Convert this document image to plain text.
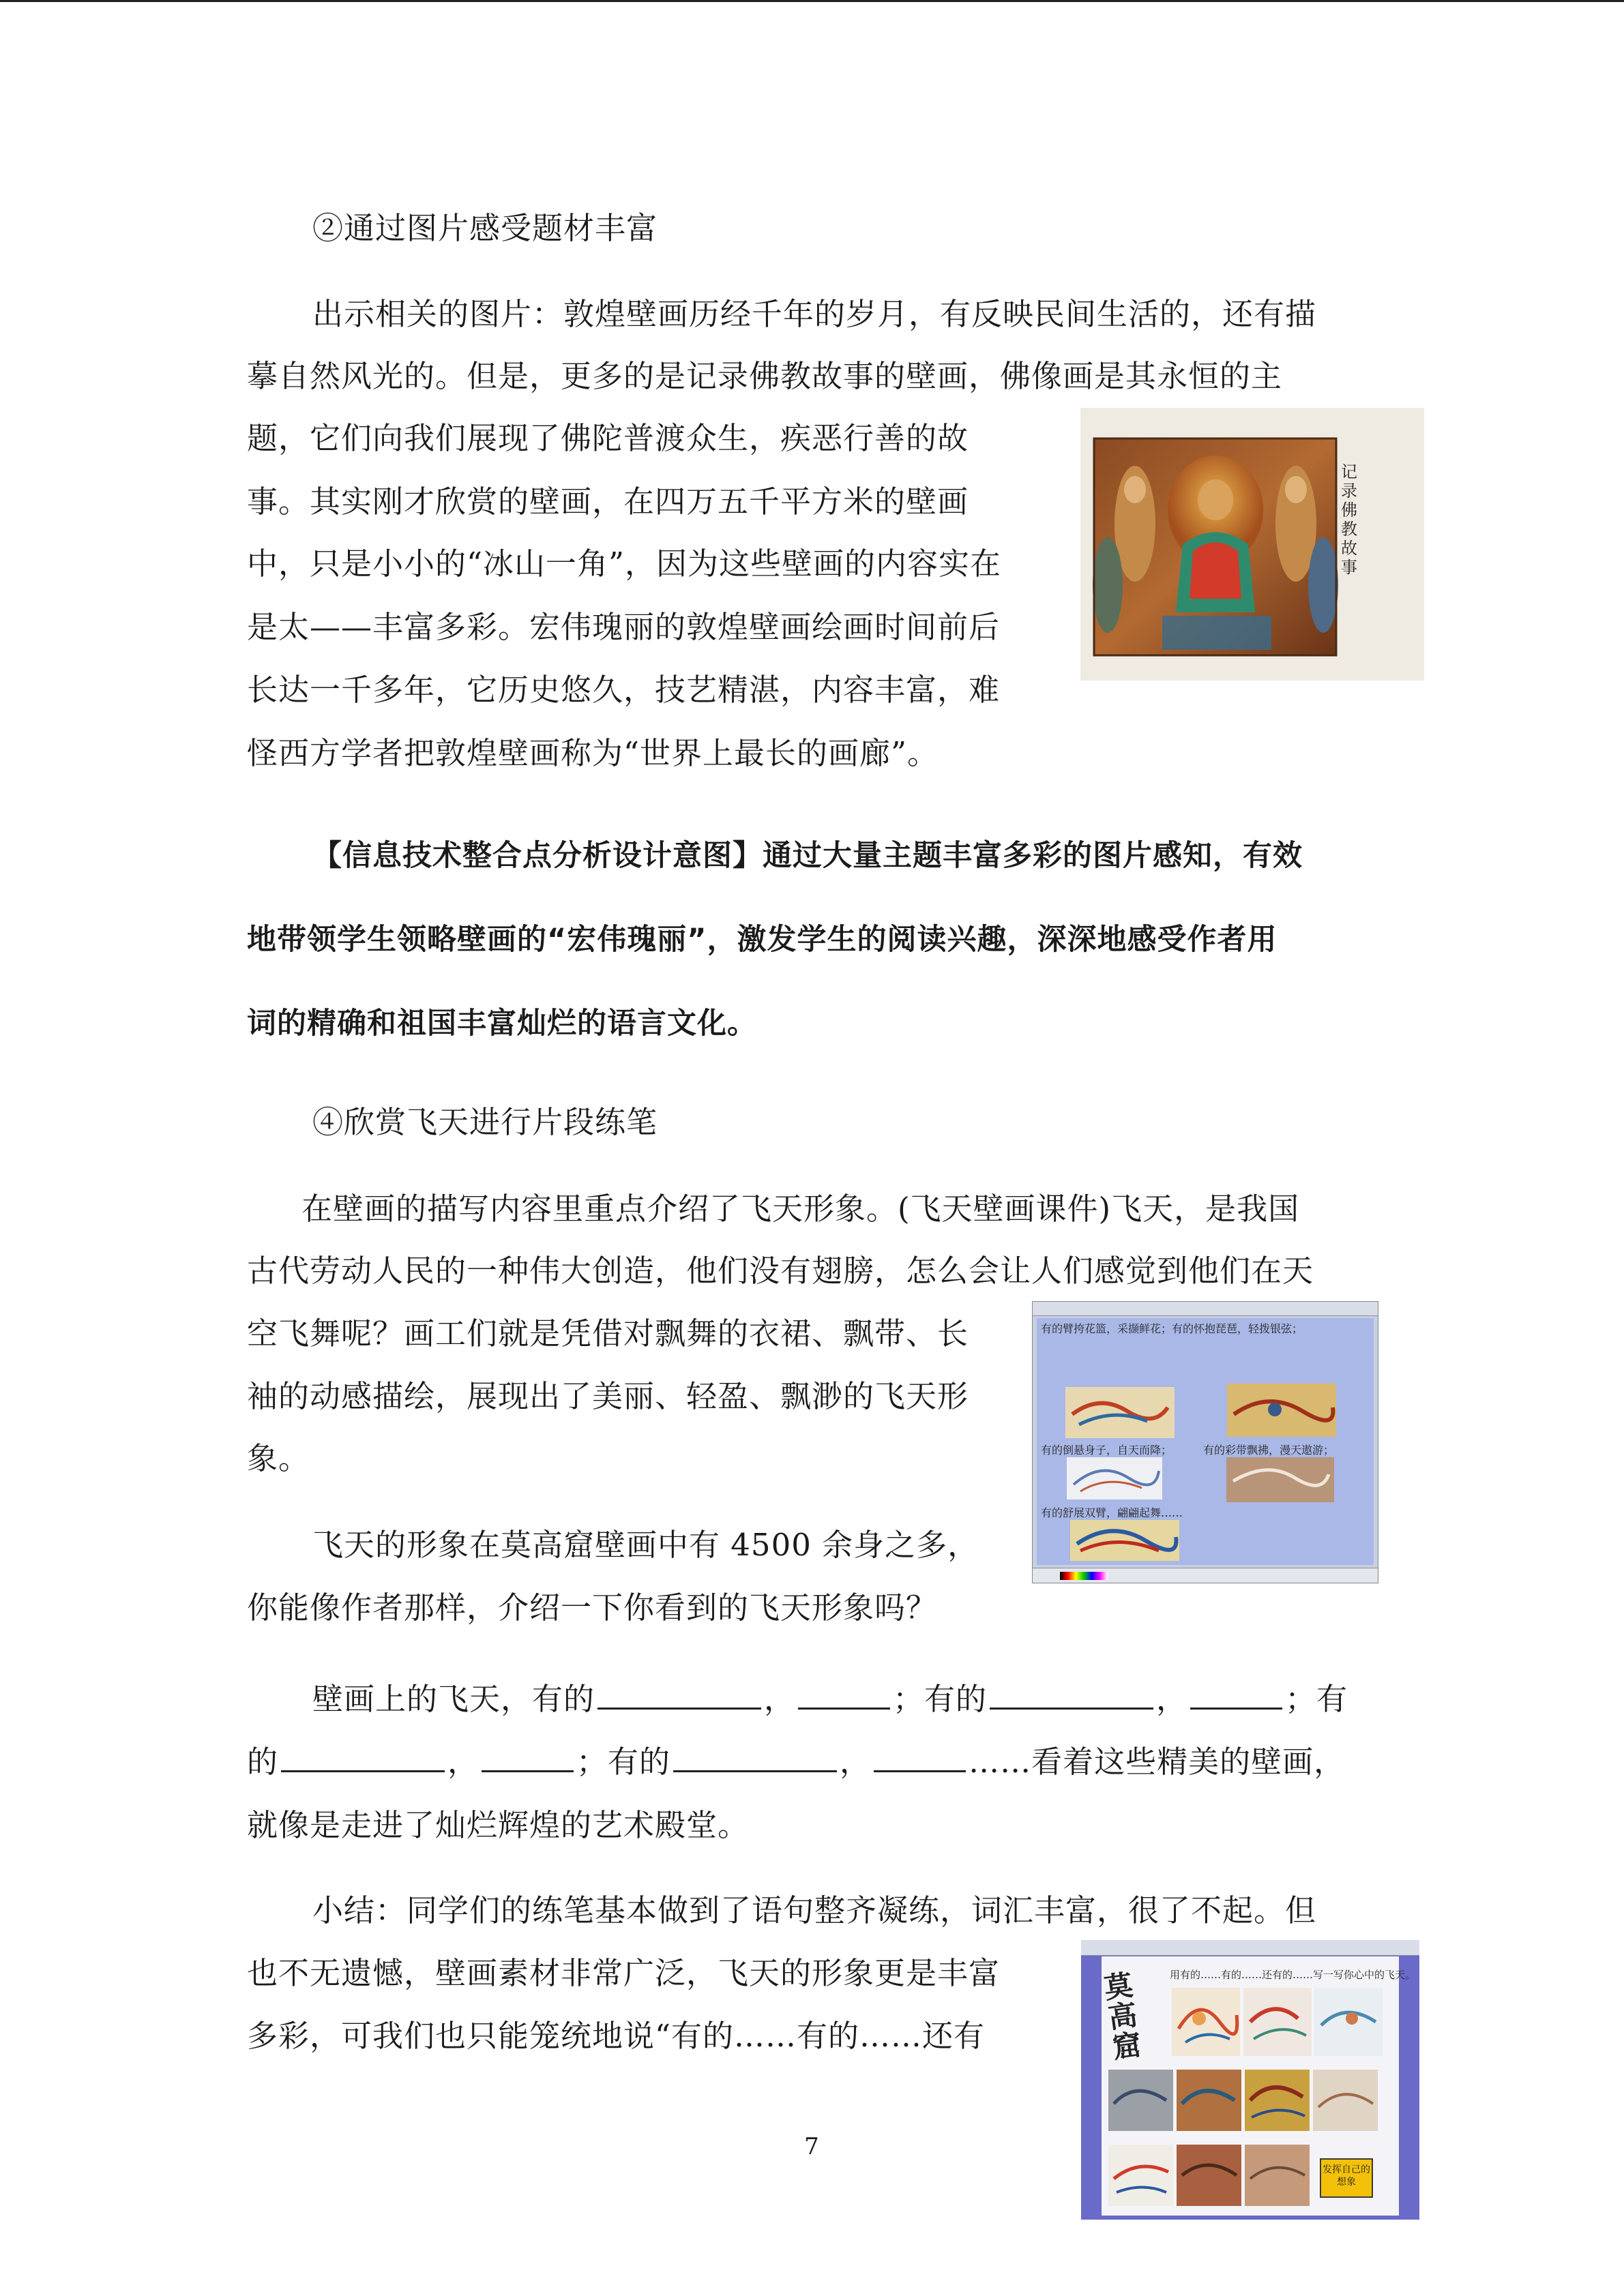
②通过图片感受题材丰富
出示相关的图片：敦煌壁画历经千年的岁月，有反映民间生活的，还有描
摹自然风光的。但是，更多的是记录佛教故事的壁画，佛像画是其永恒的主
题，它们向我们展现了佛陀普渡众生，疾恶行善的故
事。其实刚才欣赏的壁画，在四万五千平方米的壁画
中，只是小小的“冰山一角”，因为这些壁画的内容实在
是太——丰富多彩。宏伟瑰丽的敦煌壁画绘画时间前后
长达一千多年，它历史悠久，技艺精湛，内容丰富，难
怪西方学者把敦煌壁画称为“世界上最长的画廊”。
记录佛教故事
【信息技术整合点分析设计意图】通过大量主题丰富多彩的图片感知，有效
地带领学生领略壁画的“宏伟瑰丽”，激发学生的阅读兴趣，深深地感受作者用
词的精确和祖国丰富灿烂的语言文化。
④欣赏飞天进行片段练笔
在壁画的描写内容里重点介绍了飞天形象。(飞天壁画课件)飞天，是我国
古代劳动人民的一种伟大创造，他们没有翅膀，怎么会让人们感觉到他们在天
空飞舞呢？画工们就是凭借对飘舞的衣裙、飘带、长
袖的动感描绘，展现出了美丽、轻盈、飘渺的飞天形
象。
飞天的形象在莫高窟壁画中有 4500 余身之多，
你能像作者那样，介绍一下你看到的飞天形象吗？
有的臂挎花篮，采撷鲜花；有的怀抱琵琶，轻拨银弦；
有的倒悬身子，自天而降；	有的彩带飘拂，漫天遨游；
有的舒展双臂，翩翩起舞……
壁画上的飞天，有的	，	；有的	，	；有
的	，	；有的	，	……看着这些精美的壁画，
就像是走进了灿烂辉煌的艺术殿堂。
小结：同学们的练笔基本做到了语句整齐凝练，词汇丰富，很了不起。但
也不无遗憾，壁画素材非常广泛，飞天的形象更是丰富
多彩，可我们也只能笼统地说“有的……有的……还有
莫高窟
用有的……有的……还有的……写一写你心中的飞天。
发挥自己的想象
7
